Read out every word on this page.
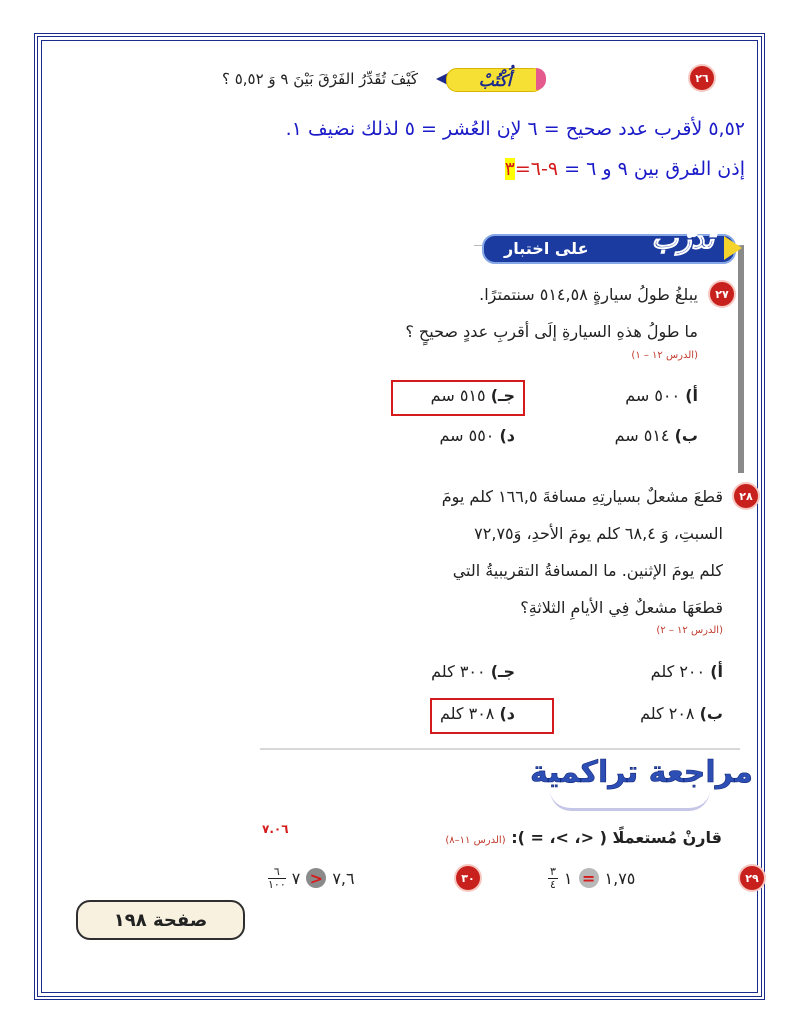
٢٦
أُكْتُبْ
كَيْفَ تُقَدِّرُ الفَرْقَ بَيْنَ ٩ وَ ٥,٥٢ ؟
٥,٥٢ لأقرب عدد صحيح = ٦ لإن العُشر = ٥ لذلك نضيف ١.
إذن الفرق بين ٩ و ٦ = ٩-٦=٣
على اختبار تدرَّب
٢٧
يبلغُ طولُ سيارةٍ ٥١٤,٥٨ سنتمترًا.
ما طولُ هذهِ السيارةِ إلَى أقربِ عددٍ صحيحٍ ؟
(الدرس ١٢ – ١)
أ) ٥٠٠ سم
جـ) ٥١٥ سم
ب) ٥١٤ سم
د) ٥٥٠ سم
٢٨
قطعَ مشعلٌ بسيارتِهِ مسافةَ ١٦٦,٥ كلم يومَ
السبتِ، وَ ٦٨,٤ كلم يومَ الأحدِ، وَ٧٢,٧٥
كلم يومَ الإثنين. ما المسافةُ التقريبيةُ التي
قطعَهَا مشعلٌ فِي الأيامِ الثلاثةِ؟
(الدرس ١٢ – ٢)
أ) ٢٠٠ كلم
جـ) ٣٠٠ كلم
ب) ٢٠٨ كلم
د) ٣٠٨ كلم
مراجعة تراكمية
قارنْ مُستعملًا ( <، >، = ): (الدرس ١١–٨)
٧.٠٦
٢٩
$\frac{٣}{٤}$ ١ = ١,٧٥
٣٠
$\frac{٦}{١٠٠}$ ٧ > ٧,٦
صفحة ١٩٨
